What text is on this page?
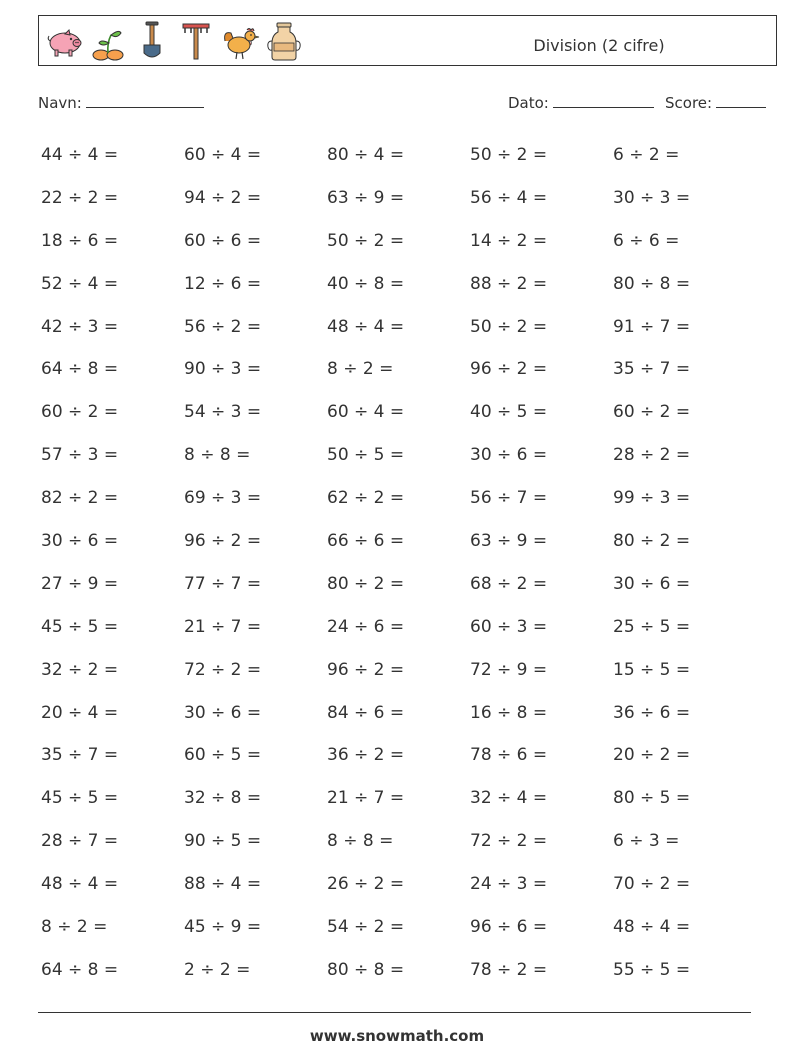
Division (2 cifre)
Navn:	Dato:	Score:
44 ÷ 4 =	60 ÷ 4 =	80 ÷ 4 =	50 ÷ 2 =	6 ÷ 2 =
22 ÷ 2 =	94 ÷ 2 =	63 ÷ 9 =	56 ÷ 4 =	30 ÷ 3 =
18 ÷ 6 =	60 ÷ 6 =	50 ÷ 2 =	14 ÷ 2 =	6 ÷ 6 =
52 ÷ 4 =	12 ÷ 6 =	40 ÷ 8 =	88 ÷ 2 =	80 ÷ 8 =
42 ÷ 3 =	56 ÷ 2 =	48 ÷ 4 =	50 ÷ 2 =	91 ÷ 7 =
64 ÷ 8 =	90 ÷ 3 =	8 ÷ 2 =	96 ÷ 2 =	35 ÷ 7 =
60 ÷ 2 =	54 ÷ 3 =	60 ÷ 4 =	40 ÷ 5 =	60 ÷ 2 =
57 ÷ 3 =	8 ÷ 8 =	50 ÷ 5 =	30 ÷ 6 =	28 ÷ 2 =
82 ÷ 2 =	69 ÷ 3 =	62 ÷ 2 =	56 ÷ 7 =	99 ÷ 3 =
30 ÷ 6 =	96 ÷ 2 =	66 ÷ 6 =	63 ÷ 9 =	80 ÷ 2 =
27 ÷ 9 =	77 ÷ 7 =	80 ÷ 2 =	68 ÷ 2 =	30 ÷ 6 =
45 ÷ 5 =	21 ÷ 7 =	24 ÷ 6 =	60 ÷ 3 =	25 ÷ 5 =
32 ÷ 2 =	72 ÷ 2 =	96 ÷ 2 =	72 ÷ 9 =	15 ÷ 5 =
20 ÷ 4 =	30 ÷ 6 =	84 ÷ 6 =	16 ÷ 8 =	36 ÷ 6 =
35 ÷ 7 =	60 ÷ 5 =	36 ÷ 2 =	78 ÷ 6 =	20 ÷ 2 =
45 ÷ 5 =	32 ÷ 8 =	21 ÷ 7 =	32 ÷ 4 =	80 ÷ 5 =
28 ÷ 7 =	90 ÷ 5 =	8 ÷ 8 =	72 ÷ 2 =	6 ÷ 3 =
48 ÷ 4 =	88 ÷ 4 =	26 ÷ 2 =	24 ÷ 3 =	70 ÷ 2 =
8 ÷ 2 =	45 ÷ 9 =	54 ÷ 2 =	96 ÷ 6 =	48 ÷ 4 =
64 ÷ 8 =	2 ÷ 2 =	80 ÷ 8 =	78 ÷ 2 =	55 ÷ 5 =
www.snowmath.com
